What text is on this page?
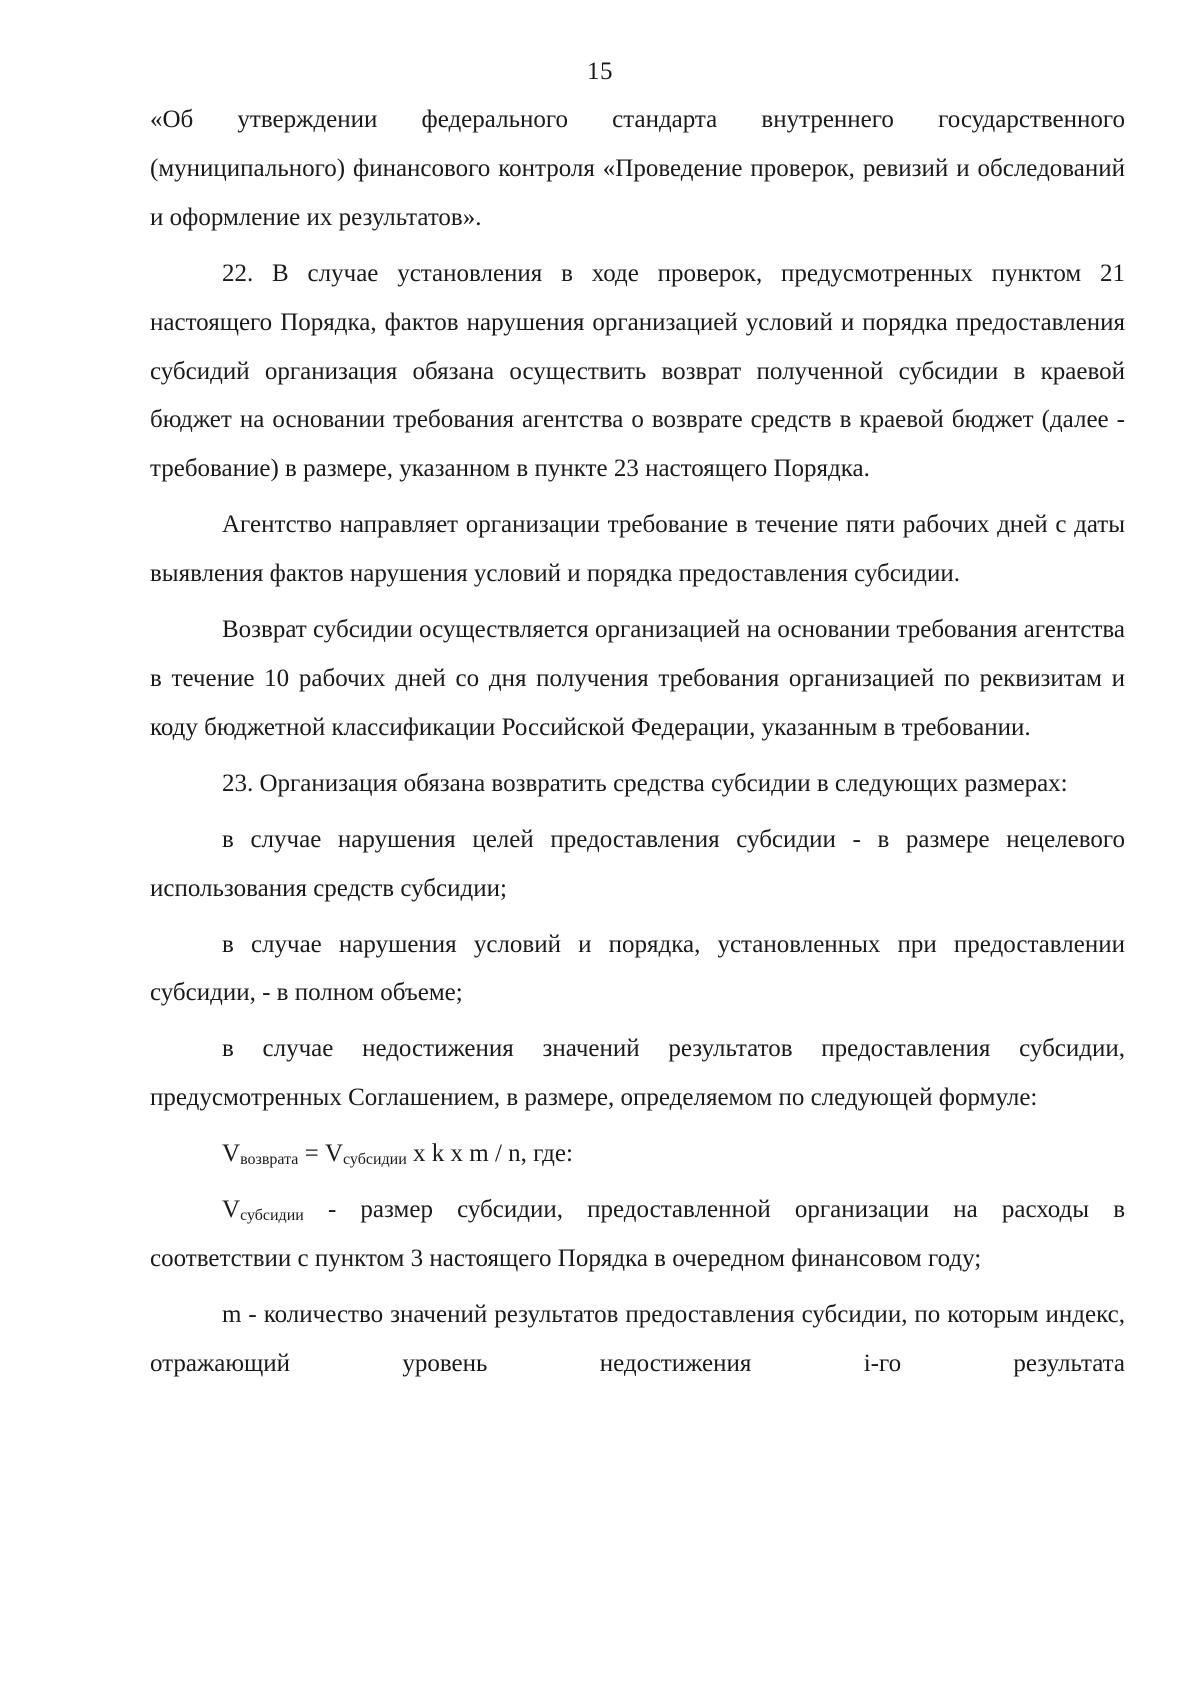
15

«Об утверждении федерального стандарта внутреннего государственного (муниципального) финансового контроля «Проведение проверок, ревизий и обследований и оформление их результатов».

22. В случае установления в ходе проверок, предусмотренных пунктом 21 настоящего Порядка, фактов нарушения организацией условий и порядка предоставления субсидий организация обязана осуществить возврат полученной субсидии в краевой бюджет на основании требования агентства о возврате средств в краевой бюджет (далее - требование) в размере, указанном в пункте 23 настоящего Порядка.

Агентство направляет организации требование в течение пяти рабочих дней с даты выявления фактов нарушения условий и порядка предоставления субсидии.

Возврат субсидии осуществляется организацией на основании требования агентства в течение 10 рабочих дней со дня получения требования организацией по реквизитам и коду бюджетной классификации Российской Федерации, указанным в требовании.

23. Организация обязана возвратить средства субсидии в следующих размерах:

в случае нарушения целей предоставления субсидии - в размере нецелевого использования средств субсидии;

в случае нарушения условий и порядка, установленных при предоставлении субсидии, - в полном объеме;

в случае недостижения значений результатов предоставления субсидии, предусмотренных Соглашением, в размере, определяемом по следующей формуле:

$V_{возврата} = V_{субсидии}$ x k x m / n, где:

$V_{субсидии}$ - размер субсидии, предоставленной организации на расходы в соответствии с пунктом 3 настоящего Порядка в очередном финансовом году;

m - количество значений результатов предоставления субсидии, по которым индекс, отражающий уровень недостижения i-го результата
